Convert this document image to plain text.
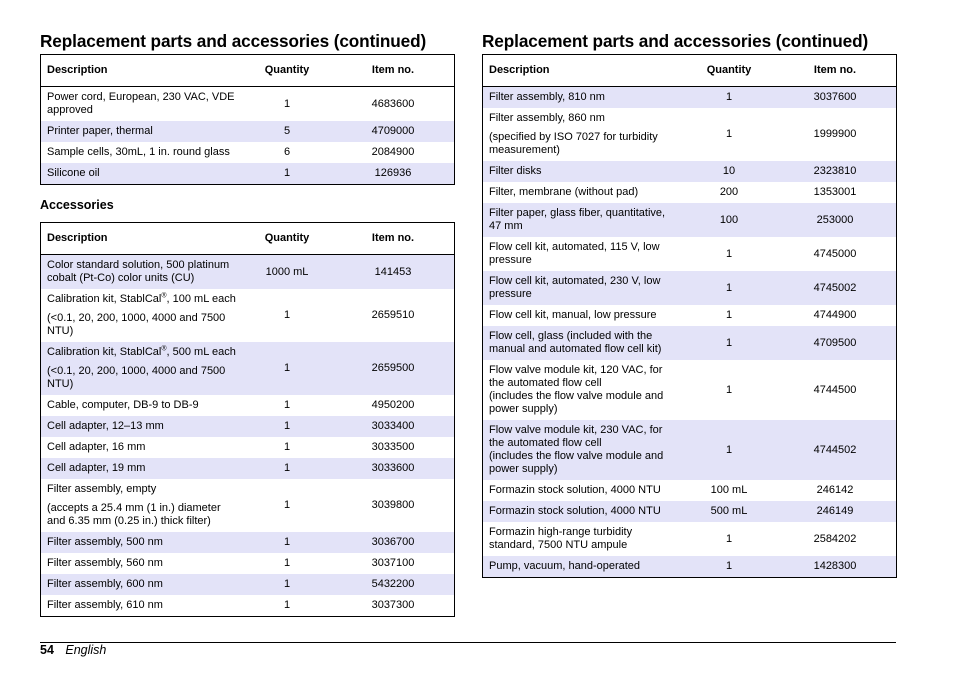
Replacement parts and accessories (continued)
Description	Quantity	Item no.
Power cord, European, 230 VAC, VDE approved	1	4683600
Printer paper, thermal	5	4709000
Sample cells, 30mL, 1 in. round glass	6	2084900
Silicone oil	1	126936
Accessories
Description	Quantity	Item no.
Color standard solution, 500 platinum cobalt (Pt-Co) color units (CU)	1000 mL	141453
Calibration kit, StablCal®, 100 mL each
(<0.1, 20, 200, 1000, 4000 and 7500 NTU)	1	2659510
Calibration kit, StablCal®, 500 mL each
(<0.1, 20, 200, 1000, 4000 and 7500 NTU)	1	2659500
Cable, computer, DB-9 to DB-9	1	4950200
Cell adapter, 12–13 mm	1	3033400
Cell adapter, 16 mm	1	3033500
Cell adapter, 19 mm	1	3033600
Filter assembly, empty
(accepts a 25.4 mm (1 in.) diameter and 6.35 mm (0.25 in.) thick filter)	1	3039800
Filter assembly, 500 nm	1	3036700
Filter assembly, 560 nm	1	3037100
Filter assembly, 600 nm	1	5432200
Filter assembly, 610 nm	1	3037300
Replacement parts and accessories (continued)
Description	Quantity	Item no.
Filter assembly, 810 nm	1	3037600
Filter assembly, 860 nm
(specified by ISO 7027 for turbidity measurement)	1	1999900
Filter disks	10	2323810
Filter, membrane (without pad)	200	1353001
Filter paper, glass fiber, quantitative, 47 mm	100	253000
Flow cell kit, automated, 115 V, low pressure	1	4745000
Flow cell kit, automated, 230 V, low pressure	1	4745002
Flow cell kit, manual, low pressure	1	4744900
Flow cell, glass (included with the manual and automated flow cell kit)	1	4709500
Flow valve module kit, 120 VAC, for the automated flow cell
(includes the flow valve module and power supply)	1	4744500
Flow valve module kit, 230 VAC, for the automated flow cell
(includes the flow valve module and power supply)	1	4744502
Formazin stock solution, 4000 NTU	100 mL	246142
Formazin stock solution, 4000 NTU	500 mL	246149
Formazin high-range turbidity standard, 7500 NTU ampule	1	2584202
Pump, vacuum, hand-operated	1	1428300
54 English
